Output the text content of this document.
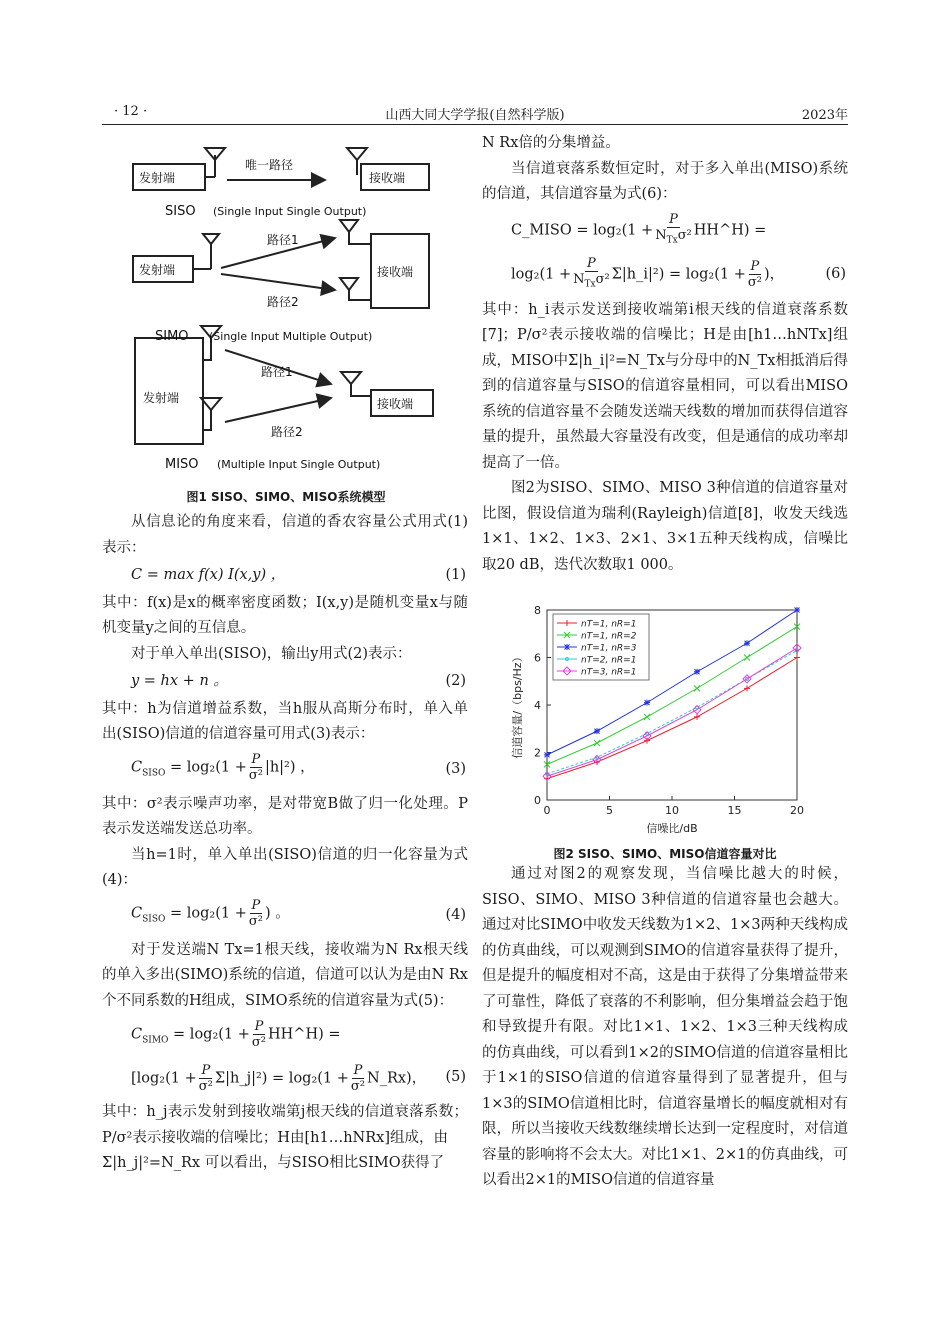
· 12 ·	山西大同大学学报(自然科学版)	2023年
发射端
唯一路径
接收端
SISO (Single Input Single Output)
发射端
路径1
路径2
接收端
SIMO (Single Input Multiple Output)
发射端
路径1
路径2
接收端
MISO (Multiple Input Single Output)
图1 SISO、SIMO、MISO系统模型

从信息论的角度来看，信道的香农容量公式用式(1)表示：

C = max f(x) I(x,y) ，	(1)

其中：f(x)是x的概率密度函数；I(x,y)是随机变量x与随机变量y之间的互信息。

对于单入单出(SISO)，输出y用式(2)表示：

y = hx + n 。	(2)

其中：h为信道增益系数，当h服从高斯分布时，单入单出(SISO)信道的信道容量可用式(3)表示：

$C_{SISO} = \log_2(1 + \frac{P}{\text{σ²}} |h|^2)$ ，	(3)

其中：σ²表示噪声功率，是对带宽B做了归一化处理。P表示发送端发送总功率。

当h=1时，单入单出(SISO)信道的归一化容量为式(4)：

$C_{SISO} = \log_2(1 + \frac{P}{\text{σ²}}$ ) 。	(4)

对于发送端N Tx=1根天线，接收端为N Rx根天线的单入多出(SIMO)系统的信道，信道可以认为是由N Rx个不同系数的H组成，SIMO系统的信道容量为式(5)：

$C_{SIMO} = \log_2(1 + \frac{P}{\text{σ²}}$ HH^H) =
[$\log_2(1 + \frac{P}{\text{σ²}}$ Σ|h_j|²) = $\log_2(1 + \frac{P}{\text{σ²}}$ N_Rx)， (5)

其中：h_j表示发射到接收端第j根天线的信道衰落系数；P/σ²表示接收端的信噪比；H由[h1…hNRx]组成，由

Σ|h_j|²=N_Rx 可以看出，与SISO相比SIMO获得了

N Rx倍的分集增益。

当信道衰落系数恒定时，对于多入单出(MISO)系统的信道，其信道容量为式(6)：

C_MISO = $\log_2(1 + \frac{P}{N_{Tx}\sigma^2}$ HH^H) =
$\log_2(1 + \frac{P}{N_{Tx}\sigma^2}$ Σ|h_i|²) = $\log_2(1 + \frac{P}{\text{σ²}}$ )，	(6)

其中：h_i表示发送到接收端第i根天线的信道衰落系数[7]；P/σ²表示接收端的信噪比；H是由[h1…hNTx]组成，MISO中Σ|h_i|²=N_Tx与分母中的N_Tx相抵消后得到的信道容量与SISO的信道容量相同，可以看出MISO系统的信道容量不会随发送端天线数的增加而获得信道容量的提升，虽然最大容量没有改变，但是通信的成功率却提高了一倍。

图2为SISO、SIMO、MISO 3种信道的信道容量对比图，假设信道为瑞利(Rayleigh)信道[8]，收发天线选1×1、1×2、1×3、2×1、3×1五种天线构成，信噪比取20 dB，迭代次数取1 000。

0	5	10	15	20
0
2
4
6
8
信噪比/dB
信道容量/（bps/Hz）
nT=1, nR=1
nT=1, nR=2
nT=1, nR=3
nT=2, nR=1
nT=3, nR=1
图2 SISO、SIMO、MISO信道容量对比

通过对图2的观察发现，当信噪比越大的时候，SISO、SIMO、MISO 3种信道的信道容量也会越大。通过对比SIMO中收发天线数为1×2、1×3两种天线构成的仿真曲线，可以观测到SIMO的信道容量获得了提升，但是提升的幅度相对不高，这是由于获得了分集增益带来了可靠性，降低了衰落的不利影响，但分集增益会趋于饱和导致提升有限。对比1×1、1×2、1×3三种天线构成的仿真曲线，可以看到1×2的SIMO信道的信道容量相比于1×1的SISO信道的信道容量得到了显著提升，但与1×3的SIMO信道相比时，信道容量增长的幅度就相对有限，所以当接收天线数继续增长达到一定程度时，对信道容量的影响将不会太大。对比1×1、2×1的仿真曲线，可以看出2×1的MISO信道的信道容量
